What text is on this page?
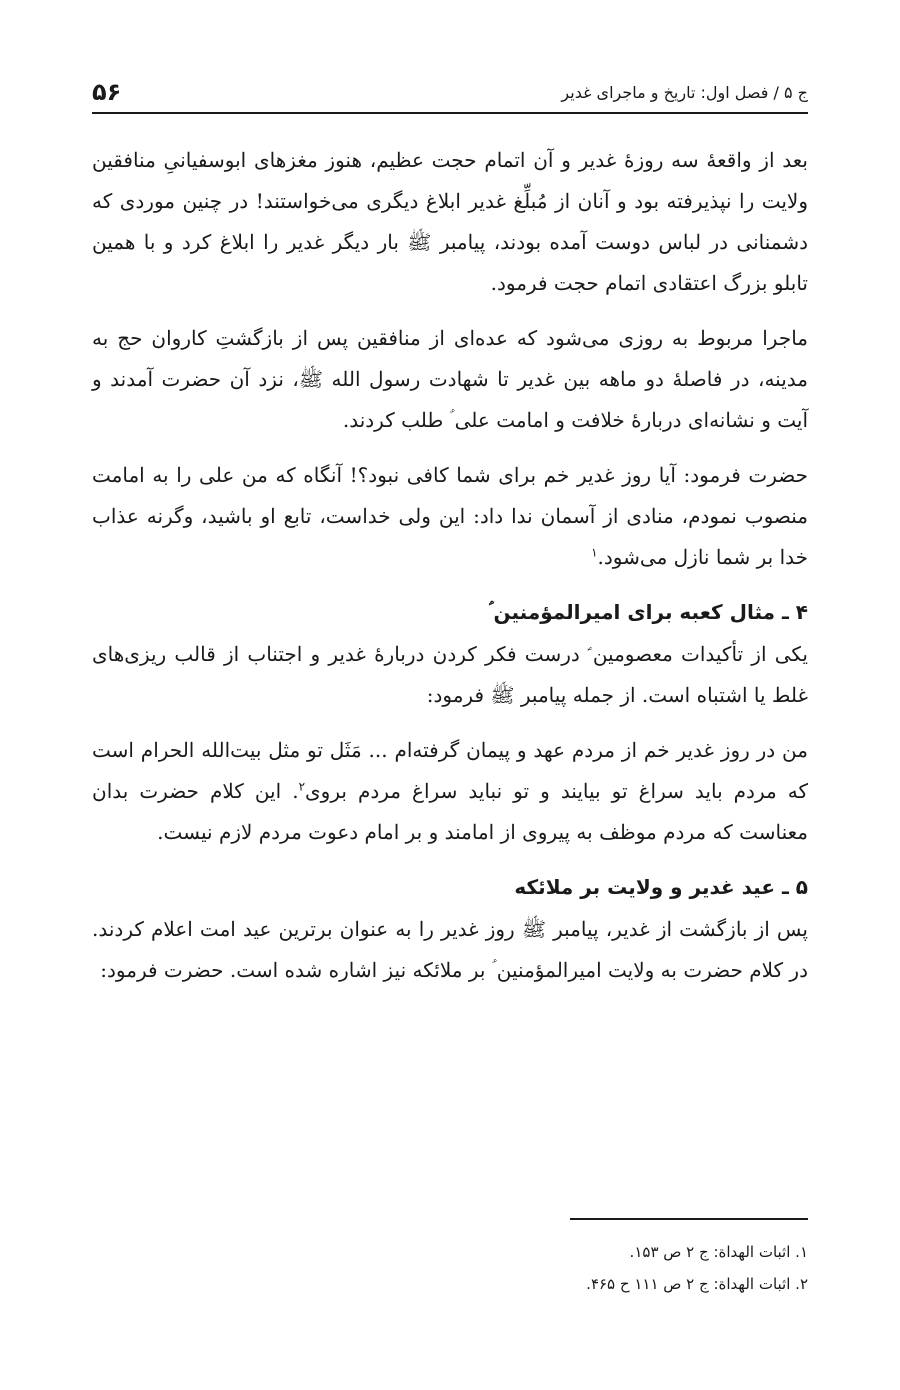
ج ۵ / فصل اول: تاریخ و ماجرای غدیر
۵۶

بعد از واقعۀ سه روزۀ غدیر و آن اتمام حجت عظیم، هنوز مغزهای ابوسفیانیِ منافقین ولایت را نپذیرفته بود و آنان از مُبلِّغ غدیر ابلاغ دیگری می‌خواستند! در چنین موردی که دشمنانی در لباس دوست آمده بودند، پیامبر ﷺ بار دیگر غدیر را ابلاغ کرد و با همین تابلو بزرگ اعتقادی اتمام حجت فرمود.

ماجرا مربوط به روزی می‌شود که عده‌ای از منافقین پس از بازگشتِ کاروان حج به مدینه، در فاصلۀ دو ماهه بین غدیر تا شهادت رسول الله ﷺ، نزد آن حضرت آمدند و آیت و نشانه‌ای دربارۀ خلافت و امامت علی ؑ طلب کردند.

حضرت فرمود: آیا روز غدیر خم برای شما کافی نبود؟! آنگاه که من علی را به امامت منصوب نمودم، منادی از آسمان ندا داد: این ولی خداست، تابع او باشید، وگرنه عذاب خدا بر شما نازل می‌شود.$^۱$

۴ ـ مثال کعبه برای امیرالمؤمنین ؑ

یکی از تأکیدات معصومین ؑ درست فکر کردن دربارۀ غدیر و اجتناب از قالب ریزی‌های غلط یا اشتباه است. از جمله پیامبر ﷺ فرمود:

من در روز غدیر خم از مردم عهد و پیمان گرفته‌ام ... مَثَل تو مثل بیت‌الله الحرام است که مردم باید سراغ تو بیایند و تو نباید سراغ مردم بروی$^۲$. این کلام حضرت بدان معناست که مردم موظف به پیروی از امامند و بر امام دعوت مردم لازم نیست.

۵ ـ عید غدیر و ولایت بر ملائکه

پس از بازگشت از غدیر، پیامبر ﷺ روز غدیر را به عنوان برترین عید امت اعلام کردند. در کلام حضرت به ولایت امیرالمؤمنین ؑ بر ملائکه نیز اشاره شده است. حضرت فرمود:

۱. اثبات الهداة: ج ۲ ص ۱۵۳.
۲. اثبات الهداة: ج ۲ ص ۱۱۱ ح ۴۶۵.
